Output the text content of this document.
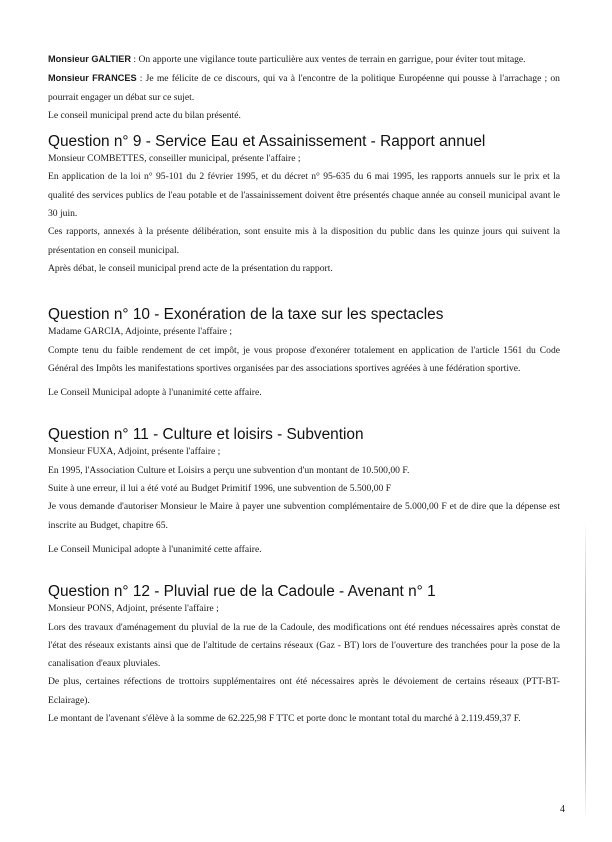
Monsieur GALTIER : On apporte une vigilance toute particulière aux ventes de terrain en garrigue, pour éviter tout mitage.

Monsieur FRANCES : Je me félicite de ce discours, qui va à l'encontre de la politique Européenne qui pousse à l'arrachage ; on pourrait engager un débat sur ce sujet.

Le conseil municipal prend acte du bilan présenté.

Question n° 9 - Service Eau et Assainissement - Rapport annuel

Monsieur COMBETTES, conseiller municipal, présente l'affaire ;

En application de la loi n° 95-101 du 2 février 1995, et du décret n° 95-635 du 6 mai 1995, les rapports annuels sur le prix et la qualité des services publics de l'eau potable et de l'assainissement doivent être présentés chaque année au conseil municipal avant le 30 juin.

Ces rapports, annexés à la présente délibération, sont ensuite mis à la disposition du public dans les quinze jours qui suivent la présentation en conseil municipal.

Après débat, le conseil municipal prend acte de la présentation du rapport.

Question n° 10 - Exonération de la taxe sur les spectacles

Madame GARCIA, Adjointe, présente l'affaire ;

Compte tenu du faible rendement de cet impôt, je vous propose d'exonérer totalement en application de l'article 1561 du Code Général des Impôts les manifestations sportives organisées par des associations sportives agréées à une fédération sportive.

Le Conseil Municipal adopte à l'unanimité cette affaire.

Question n° 11 - Culture et loisirs - Subvention

Monsieur FUXA, Adjoint, présente l'affaire ;

En 1995, l'Association Culture et Loisirs a perçu une subvention d'un montant de 10.500,00 F.

Suite à une erreur, il lui a été voté au Budget Primitif 1996, une subvention de 5.500,00 F

Je vous demande d'autoriser Monsieur le Maire à payer une subvention complémentaire de 5.000,00 F et de dire que la dépense est inscrite au Budget, chapitre 65.

Le Conseil Municipal adopte à l'unanimité cette affaire.

Question n° 12 - Pluvial rue de la Cadoule - Avenant n° 1

Monsieur PONS, Adjoint, présente l'affaire ;

Lors des travaux d'aménagement du pluvial de la rue de la Cadoule, des modifications ont été rendues nécessaires après constat de l'état des réseaux existants ainsi que de l'altitude de certains réseaux (Gaz - BT) lors de l'ouverture des tranchées pour la pose de la canalisation d'eaux pluviales.

De plus, certaines réfections de trottoirs supplémentaires ont été nécessaires après le dévoiement de certains réseaux (PTT-BT-Eclairage).

Le montant de l'avenant s'élève à la somme de 62.225,98 F TTC et porte donc le montant total du marché à 2.119.459,37 F.

4
